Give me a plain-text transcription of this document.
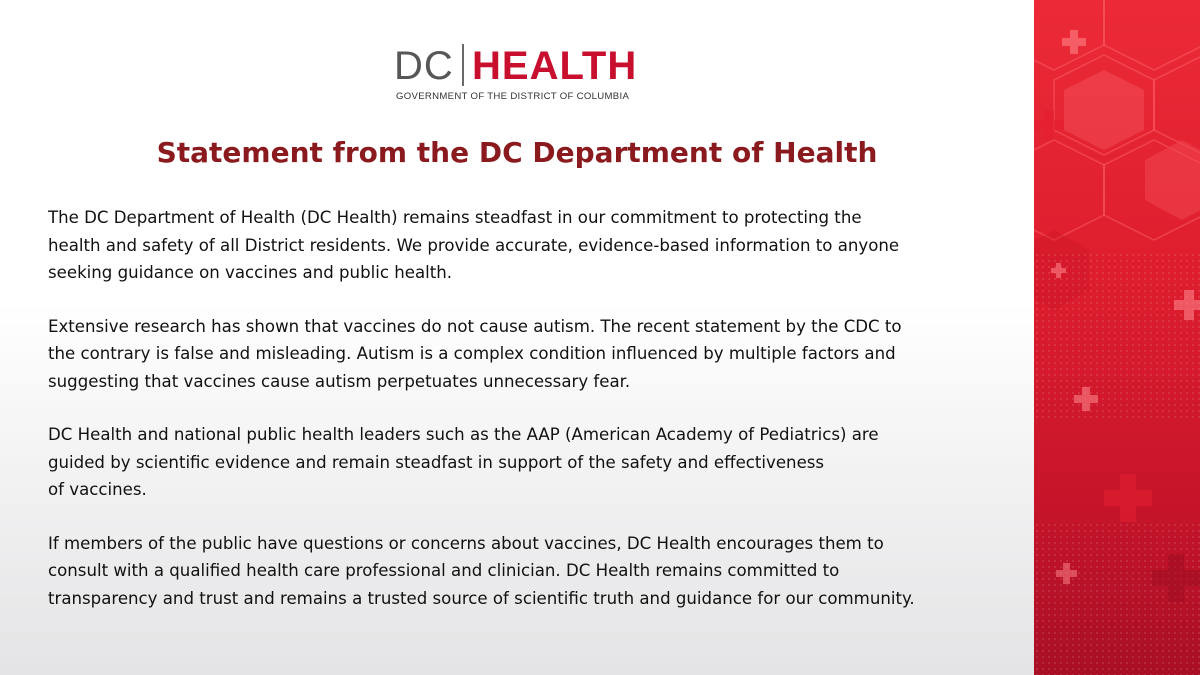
DC HEALTH
GOVERNMENT OF THE DISTRICT OF COLUMBIA
Statement from the DC Department of Health

The DC Department of Health (DC Health) remains steadfast in our commitment to protecting the
health and safety of all District residents. We provide accurate, evidence-based information to anyone
seeking guidance on vaccines and public health.

Extensive research has shown that vaccines do not cause autism. The recent statement by the CDC to
the contrary is false and misleading. Autism is a complex condition influenced by multiple factors and
suggesting that vaccines cause autism perpetuates unnecessary fear.

DC Health and national public health leaders such as the AAP (American Academy of Pediatrics) are
guided by scientific evidence and remain steadfast in support of the safety and effectiveness
of vaccines.

If members of the public have questions or concerns about vaccines, DC Health encourages them to
consult with a qualified health care professional and clinician. DC Health remains committed to
transparency and trust and remains a trusted source of scientific truth and guidance for our community.
